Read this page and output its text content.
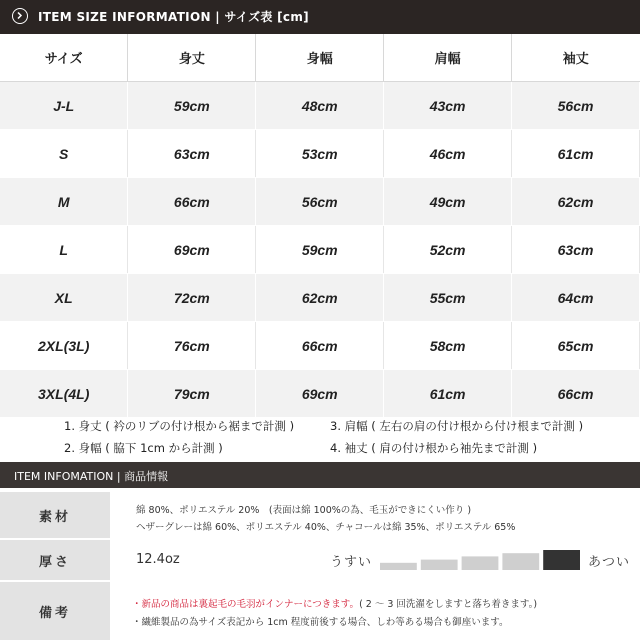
ITEM SIZE INFORMATION | サイズ表 [cm]
サイズ	身丈	身幅	肩幅	袖丈
J-L	59cm	48cm	43cm	56cm
S	63cm	53cm	46cm	61cm
M	66cm	56cm	49cm	62cm
L	69cm	59cm	52cm	63cm
XL	72cm	62cm	55cm	64cm
2XL(3L)	76cm	66cm	58cm	65cm
3XL(4L)	79cm	69cm	61cm	66cm
1. 身丈 ( 衿のリブの付け根から裾まで計測 )	3. 肩幅 ( 左右の肩の付け根から付け根まで計測 )
2. 身幅 ( 脇下 1cm から計測 )	4. 袖丈 ( 肩の付け根から袖先まで計測 )
ITEM INFOMATION | 商品情報
素材	綿 80%、ポリエステル 20%　(表面は綿 100%の為、毛玉ができにくい作り )
ヘザーグレーは綿 60%、ポリエステル 40%、チャコールは綿 35%、ポリエステル 65%
厚さ	12.4oz	うすい	あつい
備考
・新品の商品は裏起毛の毛羽がインナーにつきます。( 2 ～ 3 回洗濯をしますと落ち着きます。)
・繊維製品の為サイズ表記から 1cm 程度前後する場合、しわ等ある場合も御座います。
